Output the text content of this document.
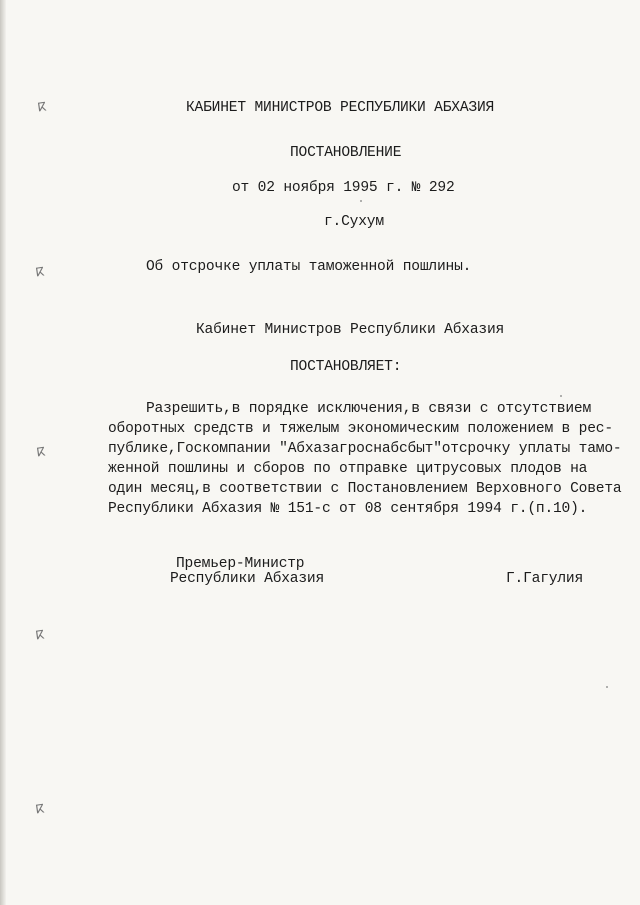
ⴽ
ⴽ
ⴽ
ⴽ
ⴽ
КАБИНЕТ МИНИСТРОВ РЕСПУБЛИКИ АБХАЗИЯ
ПОСТАНОВЛЕНИЕ
от 02 ноября 1995 г. № 292
г.Сухум
Об отсрочке уплаты таможенной пошлины.
Кабинет Министров Республики Абхазия
ПОСТАНОВЛЯЕТ:
Разрешить,в порядке исключения,в связи с отсутствием
оборотных средств и тяжелым экономическим положением в рес-
публике,Госкомпании "Абхазагроснабсбыт"отсрочку уплаты тамо-
женной пошлины и сборов по отправке цитрусовых плодов на
один месяц,в соответствии с Постановлением Верховного Совета
Республики Абхазия № 151-с от 08 сентября 1994 г.(п.10).
Премьер-Министр
Республики Абхазия	Г.Гагулия
